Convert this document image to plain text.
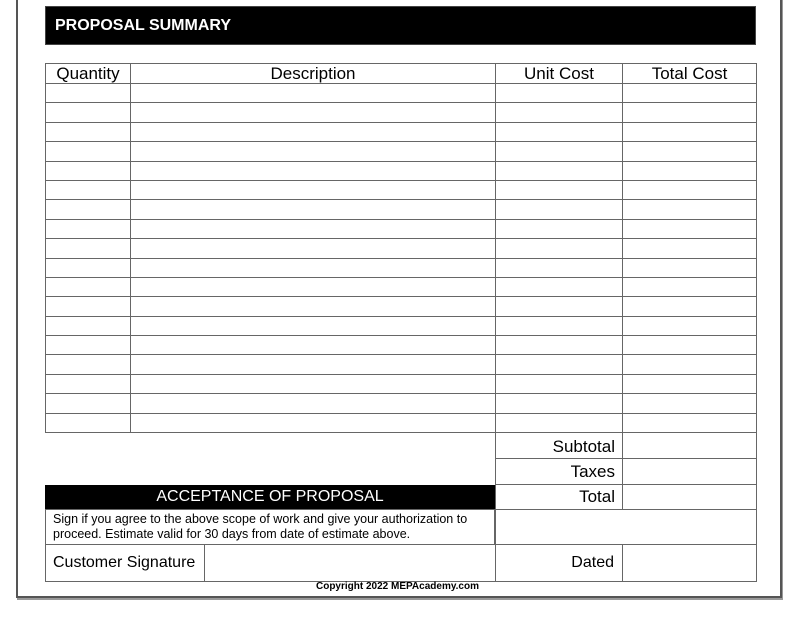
PROPOSAL SUMMARY
Quantity	Description	Unit Cost	Total Cost
Subtotal
Taxes
Total
ACCEPTANCE OF PROPOSAL
Sign if you agree to the above scope of work and give your authorization to proceed. Estimate valid for 30 days from date of estimate above.
Customer Signature	Dated
Copyright 2022 MEPAcademy.com
